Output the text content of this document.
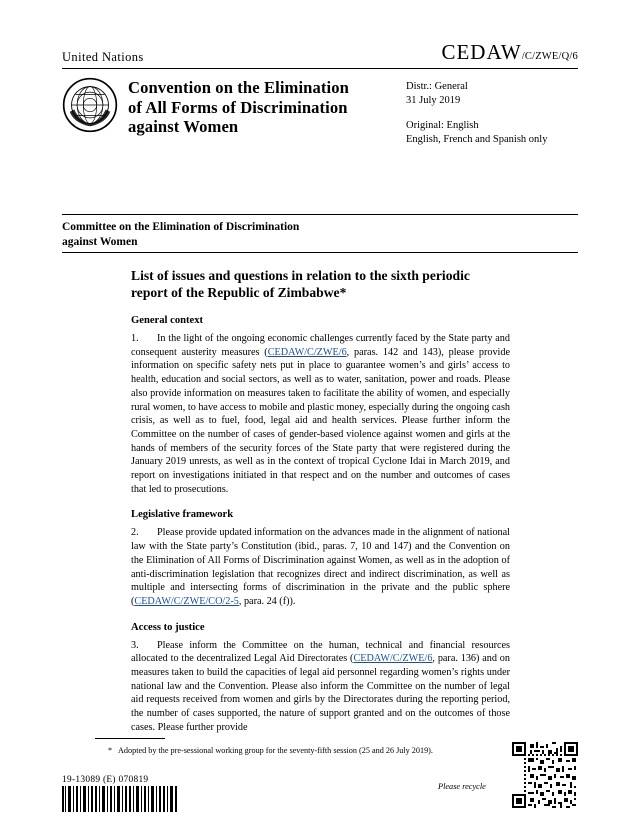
United Nations	CEDAW /C/ZWE/Q/6
Convention on the Elimination
of All Forms of Discrimination
against Women
Distr.: General
31 July 2019
Original: English
English, French and Spanish only
Committee on the Elimination of Discrimination
against Women
List of issues and questions in relation to the sixth periodic
report of the Republic of Zimbabwe*
General context

1. In the light of the ongoing economic challenges currently faced by the State party and consequent austerity measures (CEDAW/C/ZWE/6, paras. 142 and 143), please provide information on specific safety nets put in place to guarantee women’s and girls’ access to health, education and social sectors, as well as to water, sanitation, power and roads. Please also provide information on measures taken to facilitate the ability of women, and especially rural women, to have access to mobile and plastic money, especially during the ongoing cash crisis, as well as to fuel, food, legal aid and health services. Please further inform the Committee on the number of cases of gender-based violence against women and girls at the hands of members of the security forces of the State party that were registered during the January 2019 unrests, as well as in the context of tropical Cyclone Idai in March 2019, and report on investigations initiated in that respect and on the number and outcomes of cases that led to prosecutions.

Legislative framework

2. Please provide updated information on the advances made in the alignment of national law with the State party’s Constitution (ibid., paras. 7, 10 and 147) and the Convention on the Elimination of All Forms of Discrimination against Women, as well as in the adoption of anti-discrimination legislation that recognizes direct and indirect discrimination, as well as multiple and intersecting forms of discrimination in the private and the public sphere (CEDAW/C/ZWE/CO/2-5, para. 24 (f)).

Access to justice

3. Please inform the Committee on the human, technical and financial resources allocated to the decentralized Legal Aid Directorates (CEDAW/C/ZWE/6, para. 136) and on measures taken to build the capacities of legal aid personnel regarding women’s rights under national law and the Convention. Please also inform the Committee on the number of legal aid requests received from women and girls by the Directorates during the reporting period, the number of cases supported, the nature of support granted and on the outcomes of those cases. Please further provide

* Adopted by the pre-sessional working group for the seventy-fifth session (25 and 26 July 2019).
19-13089 (E) 070819
Please recycle
